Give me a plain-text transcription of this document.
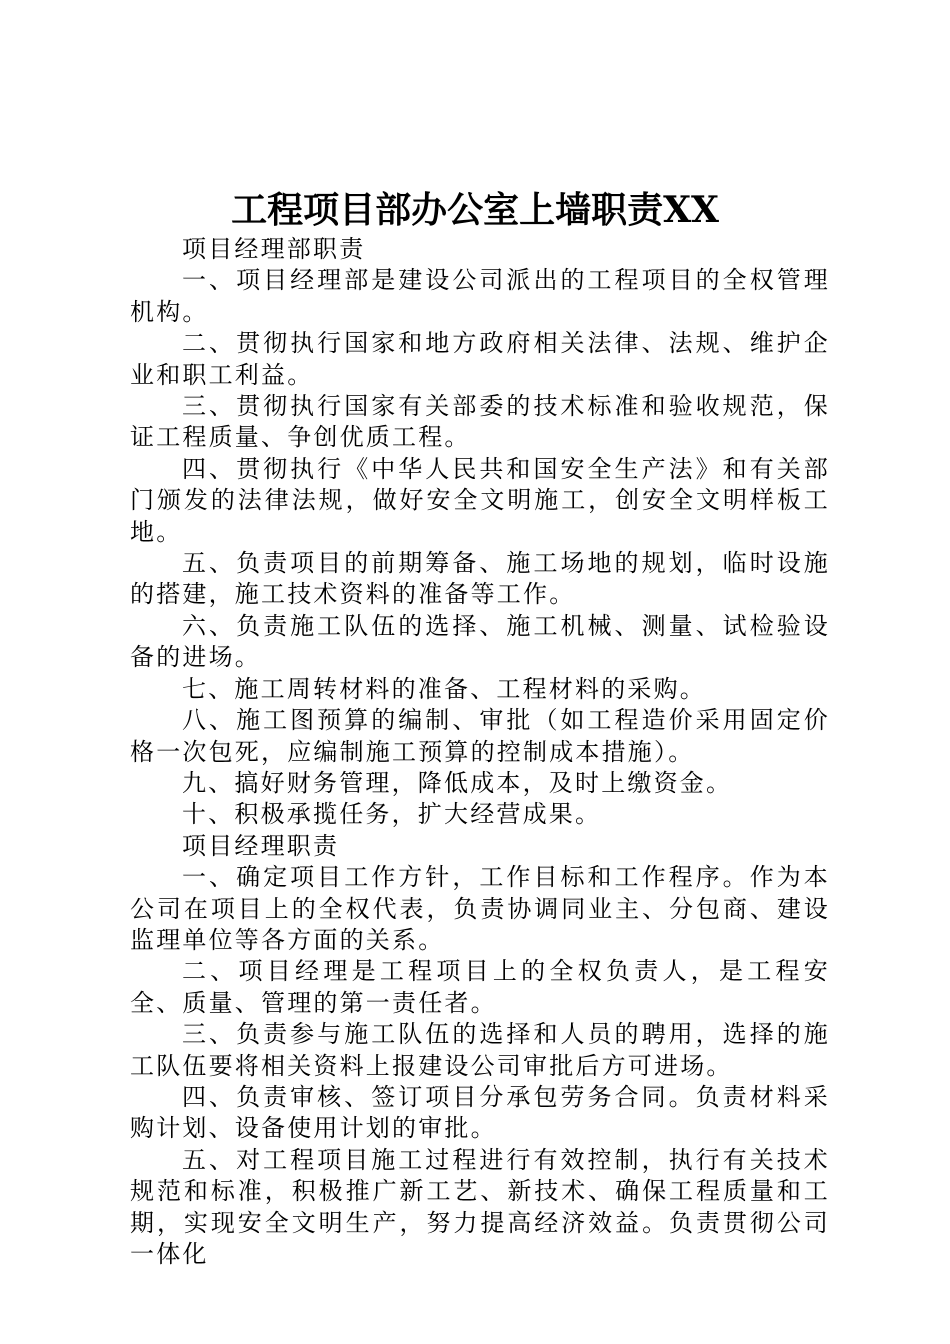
工程项目部办公室上墙职责XX

项目经理部职责

一、项目经理部是建设公司派出的工程项目的全权管理机构。

二、贯彻执行国家和地方政府相关法律、法规、维护企业和职工利益。

三、贯彻执行国家有关部委的技术标准和验收规范，保证工程质量、争创优质工程。

四、贯彻执行《中华人民共和国安全生产法》和有关部门颁发的法律法规，做好安全文明施工，创安全文明样板工地。

五、负责项目的前期筹备、施工场地的规划，临时设施的搭建，施工技术资料的准备等工作。

六、负责施工队伍的选择、施工机械、测量、试检验设备的进场。

七、施工周转材料的准备、工程材料的采购。

八、施工图预算的编制、审批（如工程造价采用固定价格一次包死，应编制施工预算的控制成本措施）。

九、搞好财务管理，降低成本，及时上缴资金。

十、积极承揽任务，扩大经营成果。

项目经理职责

一、确定项目工作方针，工作目标和工作程序。作为本公司在项目上的全权代表，负责协调同业主、分包商、建设监理单位等各方面的关系。

二、项目经理是工程项目上的全权负责人，是工程安全、质量、管理的第一责任者。

三、负责参与施工队伍的选择和人员的聘用，选择的施工队伍要将相关资料上报建设公司审批后方可进场。

四、负责审核、签订项目分承包劳务合同。负责材料采购计划、设备使用计划的审批。

五、对工程项目施工过程进行有效控制，执行有关技术规范和标准，积极推广新工艺、新技术、确保工程质量和工期，实现安全文明生产，努力提高经济效益。负责贯彻公司一体化
